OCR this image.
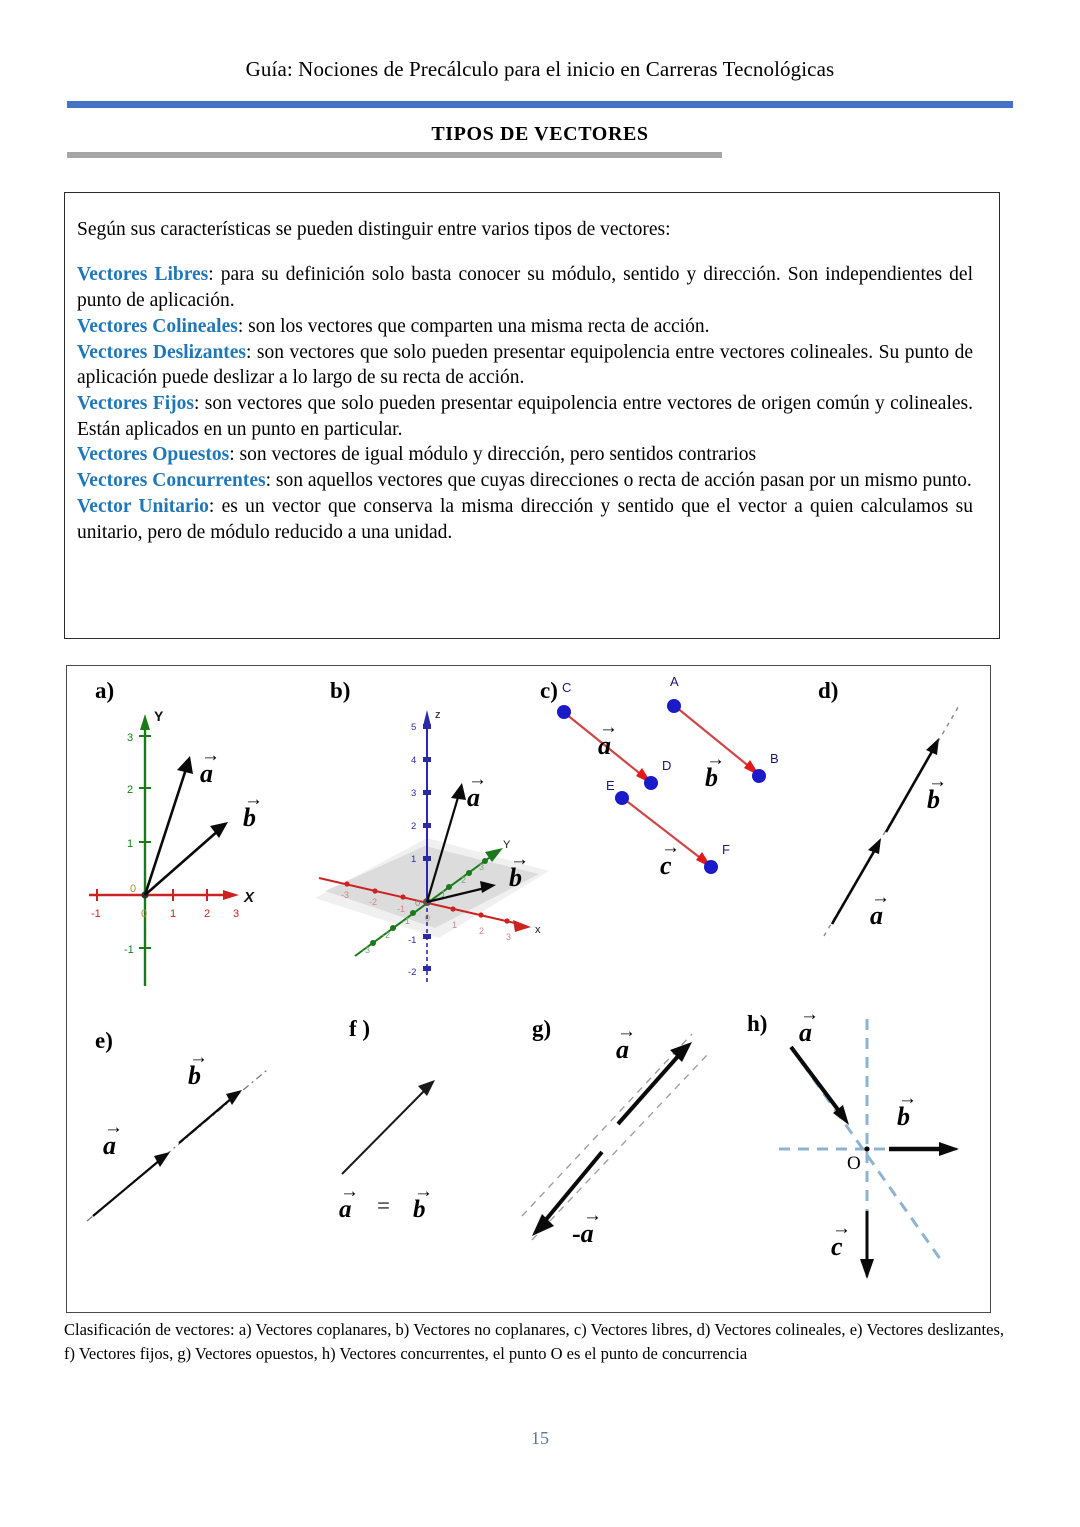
Guía: Nociones de Precálculo para el inicio en Carreras Tecnológicas
TIPOS DE VECTORES

Según sus características se pueden distinguir entre varios tipos de vectores:

Vectores Libres: para su definición solo basta conocer su módulo, sentido y dirección. Son independientes del punto de aplicación.

Vectores Colineales: son los vectores que comparten una misma recta de acción.

Vectores Deslizantes: son vectores que solo pueden presentar equipolencia entre vectores colineales. Su punto de aplicación puede deslizar a lo largo de su recta de acción.

Vectores Fijos: son vectores que solo pueden presentar equipolencia entre vectores de origen común y colineales. Están aplicados en un punto en particular.

Vectores Opuestos: son vectores de igual módulo y dirección, pero sentidos contrarios

Vectores Concurrentes: son aquellos vectores que cuyas direcciones o recta de acción pasan por un mismo punto.

Vector Unitario: es un vector que conserva la misma dirección y sentido que el vector a quien calculamos su unitario, pero de módulo reducido a una unidad.

a)
Y
X
3
2
1
-1
0
-1	0 1	2 3
→
a
→
b
b)
z
x
Y
5
4
3
2
1
0
-1
-2
-3
-2
-1
0
1
2
3
-3
-2
-1
1
2
3
→
a
→
b
c) C	A
D
E
B
F
→
a	→
b
→
c
d)
→
b
→
a
e)
→
b
→
a
f )
→
a =
→
b
g)	→
a
→
-a
h) →
a
→
b
→
c
O
Clasificación de vectores: a) Vectores coplanares, b) Vectores no coplanares, c) Vectores libres, d) Vectores colineales, e) Vectores deslizantes, f) Vectores fijos, g) Vectores opuestos, h) Vectores concurrentes, el punto O es el punto de concurrencia
15
